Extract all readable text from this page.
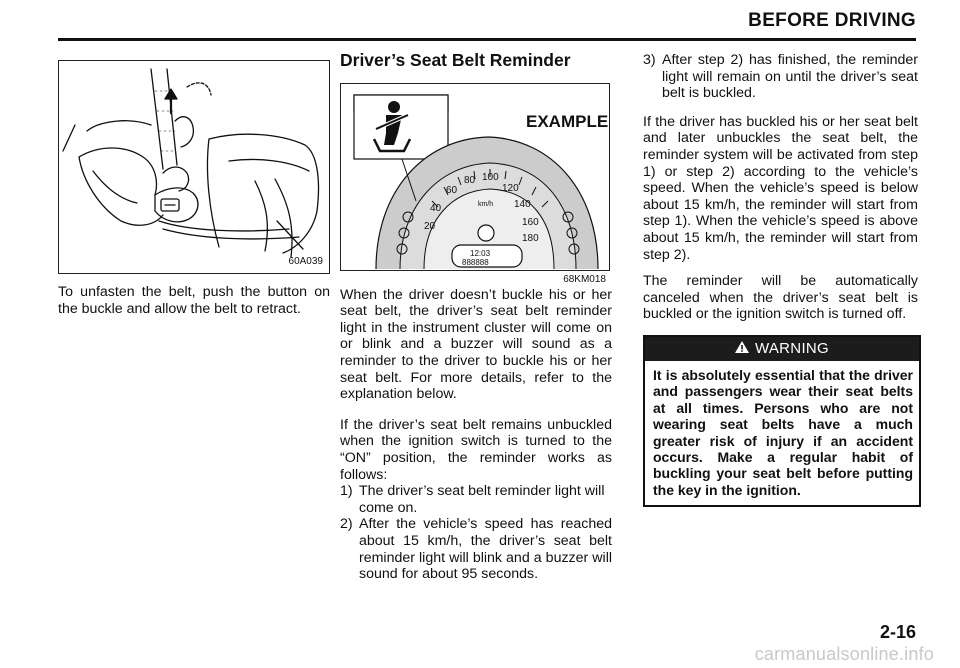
BEFORE DRIVING
60A039
To unfasten the belt, push the button on the buckle and allow the belt to retract.
Driver’s Seat Belt Reminder
20
40
60
80 100
120
140
160
180
km/h
12:03
888888
EXAMPLE
68KM018

When the driver doesn’t buckle his or her seat belt, the driver’s seat belt reminder light in the instrument cluster will come on or blink and a buzzer will sound as a reminder to the driver to buckle his or her seat belt. For more details, refer to the explanation below.

If the driver’s seat belt remains unbuckled when the ignition switch is turned to the “ON” position, the reminder works as follows:

1) The driver’s seat belt reminder light will come on.
2) After the vehicle’s speed has reached about 15 km/h, the driver’s seat belt reminder light will blink and a buzzer will sound for about 95 seconds.
3) After step 2) has finished, the reminder light will remain on until the driver’s seat belt is buckled.

If the driver has buckled his or her seat belt and later unbuckles the seat belt, the reminder system will be activated from step 1) or step 2) according to the vehicle’s speed. When the vehicle’s speed is below about 15 km/h, the reminder will start from step 1). When the vehicle’s speed is above about 15 km/h, the reminder will start from step 2).

The reminder will be automatically canceled when the driver’s seat belt is buckled or the ignition switch is turned off.

WARNING
It is absolutely essential that the driver and passengers wear their seat belts at all times. Persons who are not wearing seat belts have a much greater risk of injury if an accident occurs. Make a regular habit of buckling your seat belt before putting the key in the ignition.
2-16
carmanualsonline.info
